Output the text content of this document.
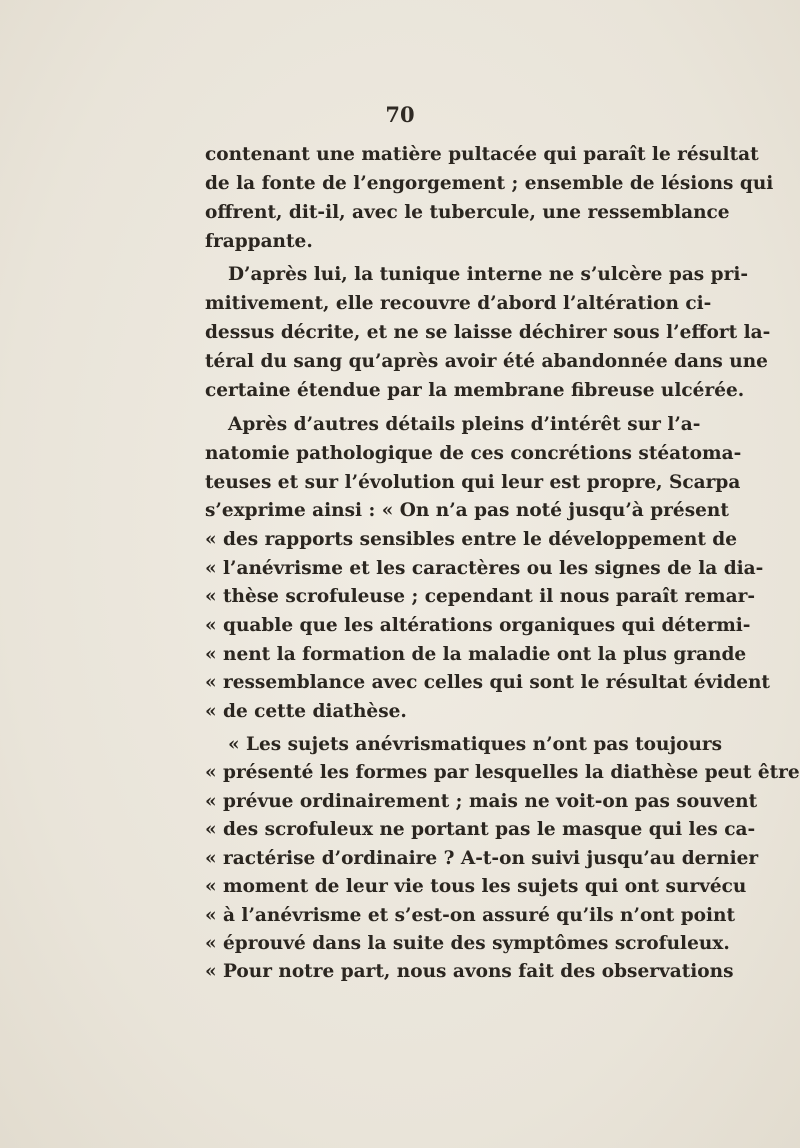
70
contenant une matière pultacée qui paraît le résultat
de la fonte de l’engorgement ; ensemble de lésions qui
offrent, dit-il, avec le tubercule, une ressemblance
frappante.
D’après lui, la tunique interne ne s’ulcère pas pri-
mitivement, elle recouvre d’abord l’altération ci-
dessus décrite, et ne se laisse déchirer sous l’effort la-
téral du sang qu’après avoir été abandonnée dans une
certaine étendue par la membrane fibreuse ulcérée.
Après d’autres détails pleins d’intérêt sur l’a-
natomie pathologique de ces concrétions stéatoma-
teuses et sur l’évolution qui leur est propre, Scarpa
s’exprime ainsi : « On n’a pas noté jusqu’à présent
« des rapports sensibles entre le développement de
« l’anévrisme et les caractères ou les signes de la dia-
« thèse scrofuleuse ; cependant il nous paraît remar-
« quable que les altérations organiques qui détermi-
« nent la formation de la maladie ont la plus grande
« ressemblance avec celles qui sont le résultat évident
« de cette diathèse.
« Les sujets anévrismatiques n’ont pas toujours
« présenté les formes par lesquelles la diathèse peut être
« prévue ordinairement ; mais ne voit-on pas souvent
« des scrofuleux ne portant pas le masque qui les ca-
« ractérise d’ordinaire ? A-t-on suivi jusqu’au dernier
« moment de leur vie tous les sujets qui ont survécu
« à l’anévrisme et s’est-on assuré qu’ils n’ont point
« éprouvé dans la suite des symptômes scrofuleux.
« Pour notre part, nous avons fait des observations
